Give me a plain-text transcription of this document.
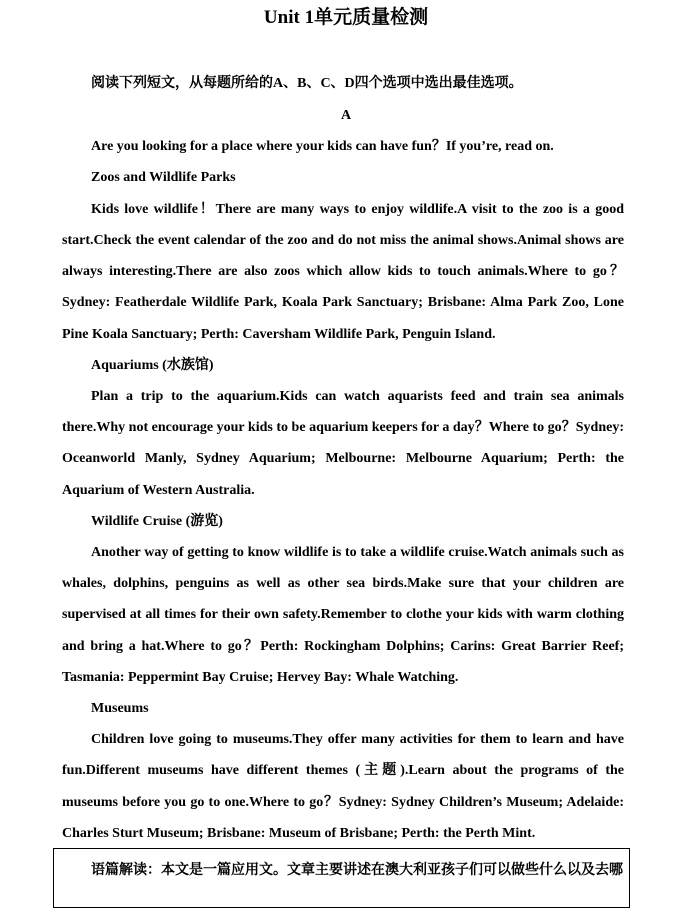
Unit 1单元质量检测
阅读下列短文，从每题所给的A、B、C、D四个选项中选出最佳选项。
A
Are you looking for a place where your kids can have fun？If you’re, read on.
Zoos and Wildlife Parks
Kids love wildlife！There are many ways to enjoy wildlife.A visit to the zoo is a good
start.Check the event calendar of the zoo and do not miss the animal shows.Animal shows are
always interesting.There are also zoos which allow kids to touch animals.Where to go？
Sydney: Featherdale Wildlife Park, Koala Park Sanctuary; Brisbane: Alma Park Zoo, Lone
Pine Koala Sanctuary; Perth: Caversham Wildlife Park, Penguin Island.
Aquariums (水族馆)
Plan a trip to the aquarium.Kids can watch aquarists feed and train sea animals
there.Why not encourage your kids to be aquarium keepers for a day？Where to go？Sydney:
Oceanworld Manly, Sydney Aquarium; Melbourne: Melbourne Aquarium; Perth: the
Aquarium of Western Australia.
Wildlife Cruise (游览)
Another way of getting to know wildlife is to take a wildlife cruise.Watch animals such as
whales, dolphins, penguins as well as other sea birds.Make sure that your children are
supervised at all times for their own safety.Remember to clothe your kids with warm clothing
and bring a hat.Where to go？Perth: Rockingham Dolphins; Carins: Great Barrier Reef;
Tasmania: Peppermint Bay Cruise; Hervey Bay: Whale Watching.
Museums
Children love going to museums.They offer many activities for them to learn and have
fun.Different museums have different themes (主题).Learn about the programs of the
museums before you go to one.Where to go？Sydney: Sydney Children’s Museum; Adelaide:
Charles Sturt Museum; Brisbane: Museum of Brisbane; Perth: the Perth Mint.
语篇解读：本文是一篇应用文。文章主要讲述在澳大利亚孩子们可以做些什么以及去哪
